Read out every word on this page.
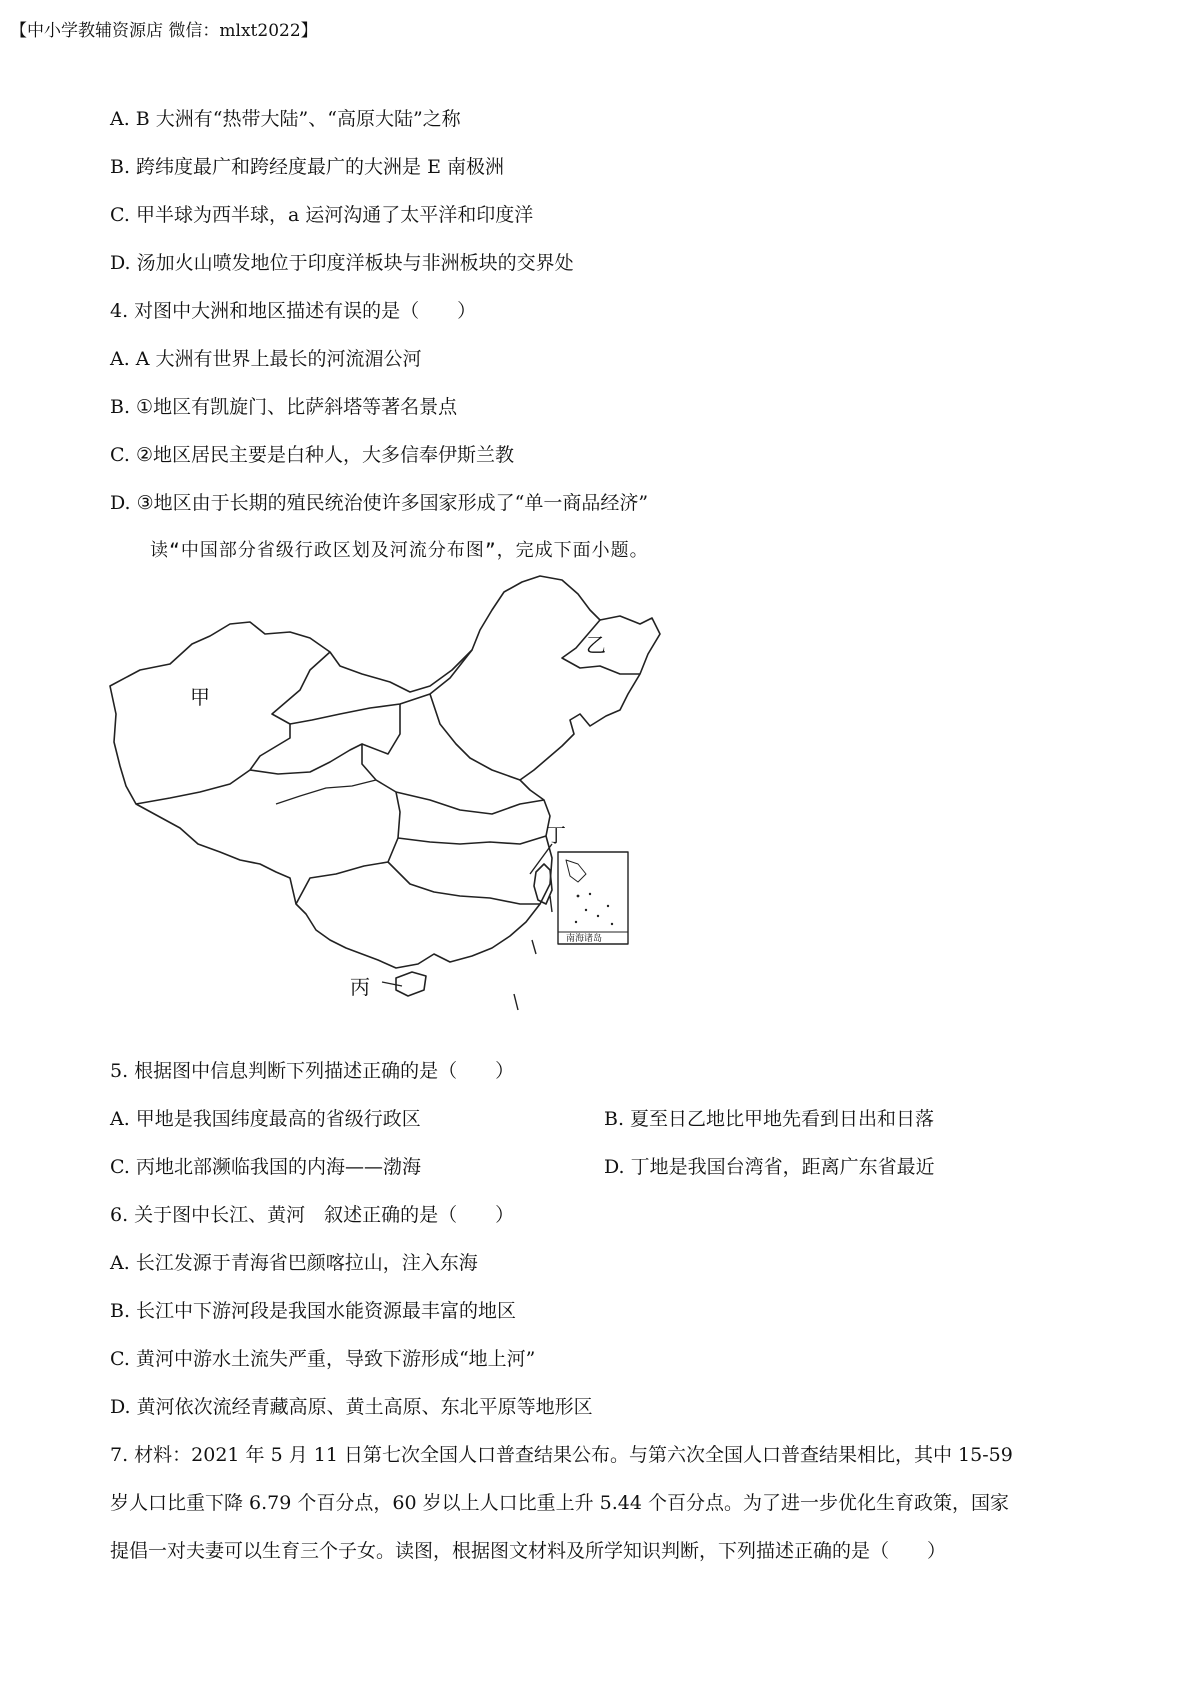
【中小学教辅资源店 微信：mlxt2022】
A. B 大洲有“热带大陆”、“高原大陆”之称
B. 跨纬度最广和跨经度最广的大洲是 E 南极洲
C. 甲半球为西半球，a 运河沟通了太平洋和印度洋
D. 汤加火山喷发地位于印度洋板块与非洲板块的交界处
4. 对图中大洲和地区描述有误的是（　　）
A. A 大洲有世界上最长的河流湄公河
B. ①地区有凯旋门、比萨斜塔等著名景点
C. ②地区居民主要是白种人，大多信奉伊斯兰教
D. ③地区由于长期的殖民统治使许多国家形成了“单一商品经济”
读“中国部分省级行政区划及河流分布图”，完成下面小题。
甲
乙
丙
丁
南海诸岛
5. 根据图中信息判断下列描述正确的是（　　）
A. 甲地是我国纬度最高的省级行政区	B. 夏至日乙地比甲地先看到日出和日落
C. 丙地北部濒临我国的内海——渤海	D. 丁地是我国台湾省，距离广东省最近
6. 关于图中长江、黄河　叙述正确的是（　　）
A. 长江发源于青海省巴颜喀拉山，注入东海
B. 长江中下游河段是我国水能资源最丰富的地区
C. 黄河中游水土流失严重，导致下游形成“地上河”
D. 黄河依次流经青藏高原、黄土高原、东北平原等地形区
7. 材料：2021 年 5 月 11 日第七次全国人口普查结果公布。与第六次全国人口普查结果相比，其中 15-59
岁人口比重下降 6.79 个百分点，60 岁以上人口比重上升 5.44 个百分点。为了进一步优化生育政策，国家
提倡一对夫妻可以生育三个子女。读图，根据图文材料及所学知识判断，下列描述正确的是（　　）
